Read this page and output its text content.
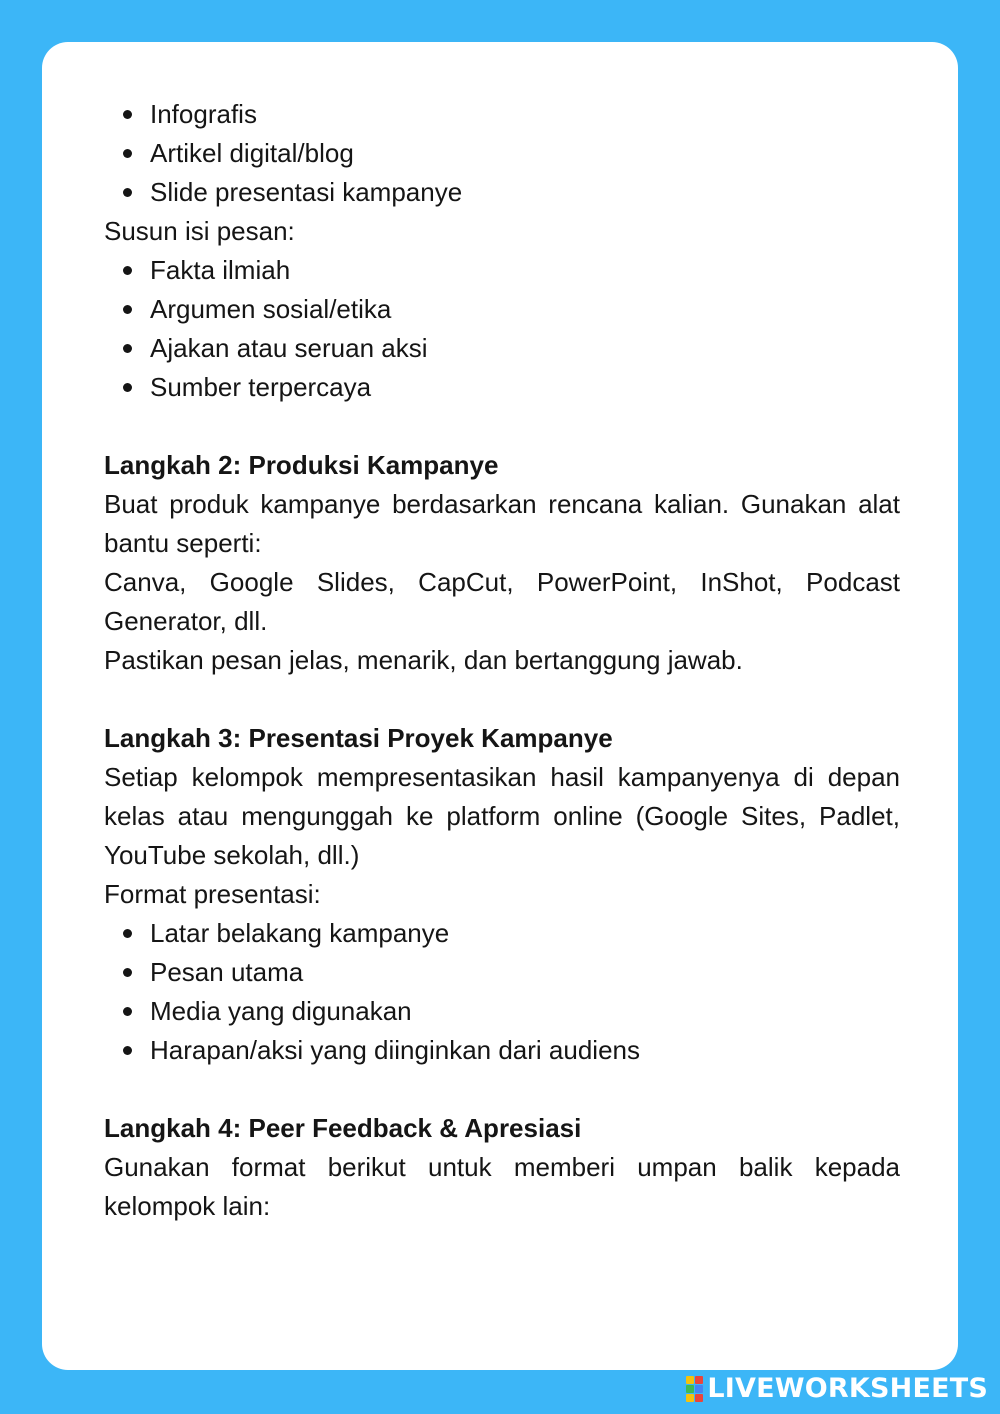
Infografis
Artikel digital/blog
Slide presentasi kampanye

Susun isi pesan:

Fakta ilmiah
Argumen sosial/etika
Ajakan atau seruan aksi
Sumber terpercaya

Langkah 2: Produksi Kampanye

Buat produk kampanye berdasarkan rencana kalian. Gunakan alat bantu seperti:

Canva, Google Slides, CapCut, PowerPoint, InShot, Podcast Generator, dll.

Pastikan pesan jelas, menarik, dan bertanggung jawab.

Langkah 3: Presentasi Proyek Kampanye

Setiap kelompok mempresentasikan hasil kampanyenya di depan kelas atau mengunggah ke platform online (Google Sites, Padlet, YouTube sekolah, dll.)

Format presentasi:

Latar belakang kampanye
Pesan utama
Media yang digunakan
Harapan/aksi yang diinginkan dari audiens

Langkah 4: Peer Feedback & Apresiasi

Gunakan format berikut untuk memberi umpan balik kepada kelompok lain:

LIVEWORKSHEETS
